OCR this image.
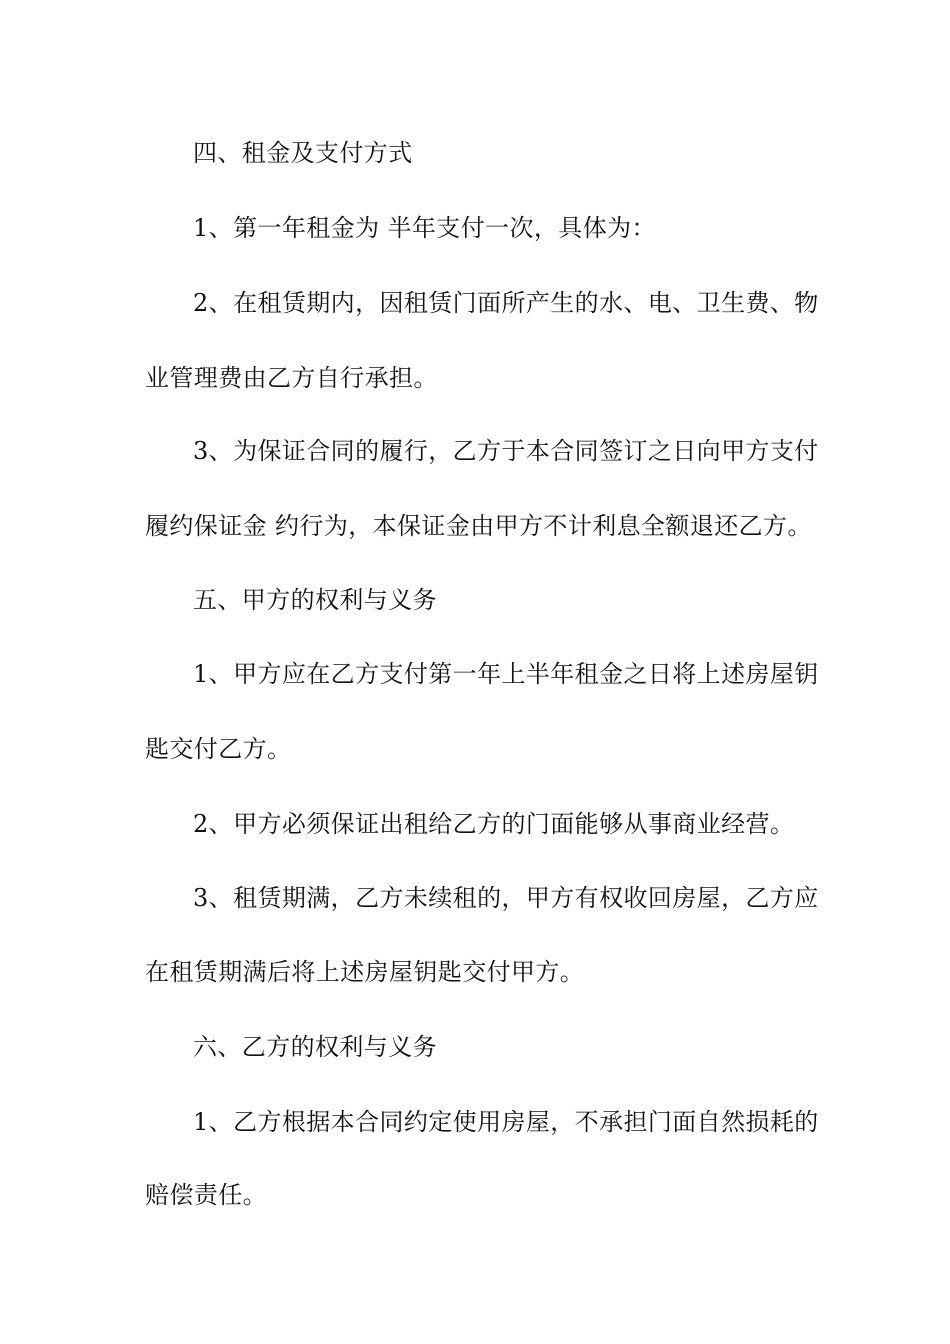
四、租金及支付方式

1、第一年租金为 半年支付一次，具体为：

2、在租赁期内，因租赁门面所产生的水、电、卫生费、物

业管理费由乙方自行承担。

3、为保证合同的履行，乙方于本合同签订之日向甲方支付

履约保证金 约行为，本保证金由甲方不计利息全额退还乙方。

五、甲方的权利与义务

1、甲方应在乙方支付第一年上半年租金之日将上述房屋钥

匙交付乙方。

2、甲方必须保证出租给乙方的门面能够从事商业经营。

3、租赁期满，乙方未续租的，甲方有权收回房屋，乙方应

在租赁期满后将上述房屋钥匙交付甲方。

六、乙方的权利与义务

1、乙方根据本合同约定使用房屋，不承担门面自然损耗的

赔偿责任。
